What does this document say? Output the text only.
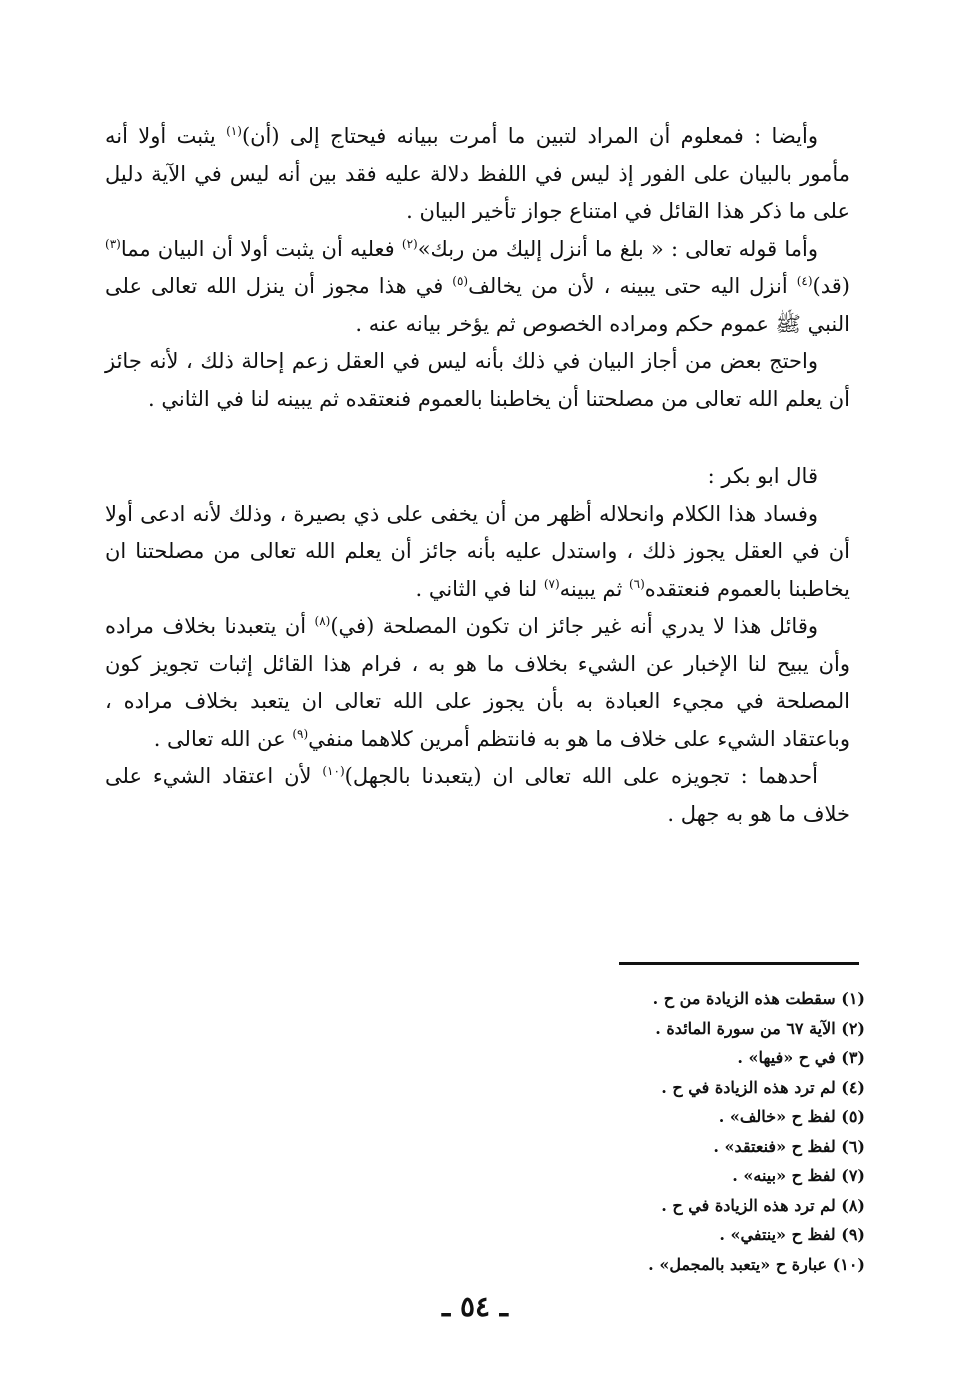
وأيضا : فمعلوم أن المراد لتبين ما أمرت ببيانه فيحتاج إلى (أن)$^{(١)}$ يثبت أولا أنه مأمور بالبيان على الفور إذ ليس في اللفظ دلالة عليه فقد بين أنه ليس في الآية دليل على ما ذكر هذا القائل في امتناع جواز تأخير البيان .

وأما قوله تعالى : « بلغ ما أنزل إليك من ربك»$^{(٢)}$ فعليه أن يثبت أولا أن البيان مما$^{(٣)}$ (قد)$^{(٤)}$ أنزل اليه حتى يبينه ، لأن من يخالف$^{(٥)}$ في هذا مجوز أن ينزل الله تعالى على النبي ﷺ عموم حكم ومراده الخصوص ثم يؤخر بيانه عنه .

واحتج بعض من أجاز البيان في ذلك بأنه ليس في العقل زعم إحالة ذلك ، لأنه جائز أن يعلم الله تعالى من مصلحتنا أن يخاطبنا بالعموم فنعتقده ثم يبينه لنا في الثاني .

قال ابو بكر :

وفساد هذا الكلام وانحلاله أظهر من أن يخفى على ذي بصيرة ، وذلك لأنه ادعى أولا أن في العقل يجوز ذلك ، واستدل عليه بأنه جائز أن يعلم الله تعالى من مصلحتنا ان يخاطبنا بالعموم فنعتقده$^{(٦)}$ ثم يبينه$^{(٧)}$ لنا في الثاني .

وقائل هذا لا يدري أنه غير جائز ان تكون المصلحة (في)$^{(٨)}$ أن يتعبدنا بخلاف مراده وأن يبيح لنا الإخبار عن الشيء بخلاف ما هو به ، فرام هذا القائل إثبات تجويز كون المصلحة في مجيء العبادة به بأن يجوز على الله تعالى ان يتعبد بخلاف مراده ، وباعتقاد الشيء على خلاف ما هو به فانتظم أمرين كلاهما منفي$^{(٩)}$ عن الله تعالى .

أحدهما : تجويزه على الله تعالى ان (يتعبدنا بالجهل)$^{(١٠)}$ لأن اعتقاد الشيء على خلاف ما هو به جهل .

(١) سقطت هذه الزيادة من ح .
(٢) الآية ٦٧ من سورة المائدة .
(٣) في ح «فيها» .
(٤) لم ترد هذه الزيادة في ح .
(٥) لفظ ح «خالف» .
(٦) لفظ ح «فنعتقد» .
(٧) لفظ ح «بينه» .
(٨) لم ترد هذه الزيادة في ح .
(٩) لفظ ح «ينتفي» .
(١٠) عبارة ح «يتعبد بالمجمل» .
ـ ٥٤ ـ
